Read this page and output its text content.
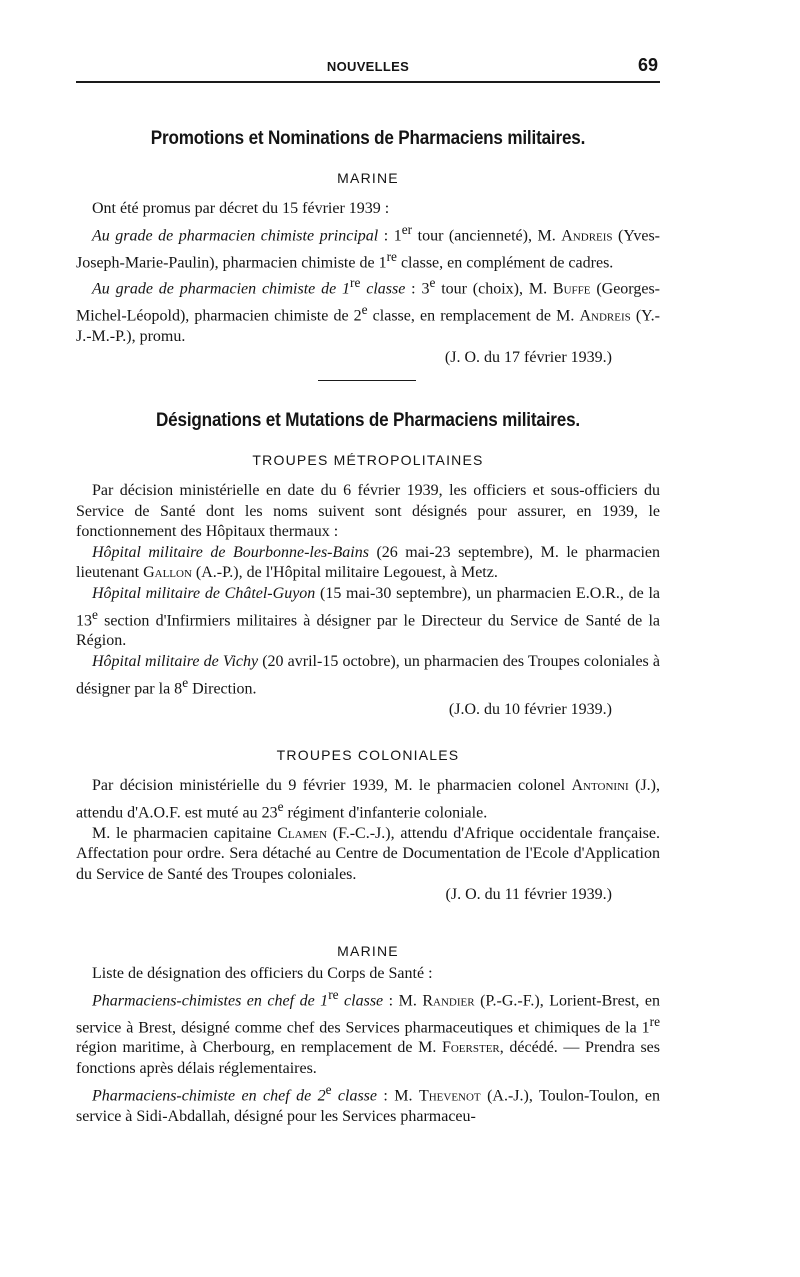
NOUVELLES	69
Promotions et Nominations de Pharmaciens militaires.
MARINE

Ont été promus par décret du 15 février 1939 :

Au grade de pharmacien chimiste principal : 1er tour (ancienneté), M. Andreis (Yves-Joseph-Marie-Paulin), pharmacien chimiste de 1re classe, en complément de cadres.

Au grade de pharmacien chimiste de 1re classe : 3e tour (choix), M. Buffe (Georges-Michel-Léopold), pharmacien chimiste de 2e classe, en remplacement de M. Andreis (Y.-J.-M.-P.), promu.

(J. O. du 17 février 1939.)

Désignations et Mutations de Pharmaciens militaires.
TROUPES MÉTROPOLITAINES

Par décision ministérielle en date du 6 février 1939, les officiers et sous-officiers du Service de Santé dont les noms suivent sont désignés pour assurer, en 1939, le fonctionnement des Hôpitaux thermaux :

Hôpital militaire de Bourbonne-les-Bains (26 mai-23 septembre), M. le pharmacien lieutenant Gallon (A.-P.), de l'Hôpital militaire Legouest, à Metz.

Hôpital militaire de Châtel-Guyon (15 mai-30 septembre), un pharmacien E.O.R., de la 13e section d'Infirmiers militaires à désigner par le Directeur du Service de Santé de la Région.

Hôpital militaire de Vichy (20 avril-15 octobre), un pharmacien des Troupes coloniales à désigner par la 8e Direction.

(J.O. du 10 février 1939.)

TROUPES COLONIALES

Par décision ministérielle du 9 février 1939, M. le pharmacien colonel Antonini (J.), attendu d'A.O.F. est muté au 23e régiment d'infanterie coloniale.

M. le pharmacien capitaine Clamen (F.-C.-J.), attendu d'Afrique occidentale française. Affectation pour ordre. Sera détaché au Centre de Documentation de l'Ecole d'Application du Service de Santé des Troupes coloniales.

(J. O. du 11 février 1939.)

MARINE

Liste de désignation des officiers du Corps de Santé :

Pharmaciens-chimistes en chef de 1re classe : M. Randier (P.-G.-F.), Lorient-Brest, en service à Brest, désigné comme chef des Services pharmaceutiques et chimiques de la 1re région maritime, à Cherbourg, en remplacement de M. Foerster, décédé. — Prendra ses fonctions après délais réglementaires.

Pharmaciens-chimiste en chef de 2e classe : M. Thevenot (A.-J.), Toulon-Toulon, en service à Sidi-Abdallah, désigné pour les Services pharmaceu-
